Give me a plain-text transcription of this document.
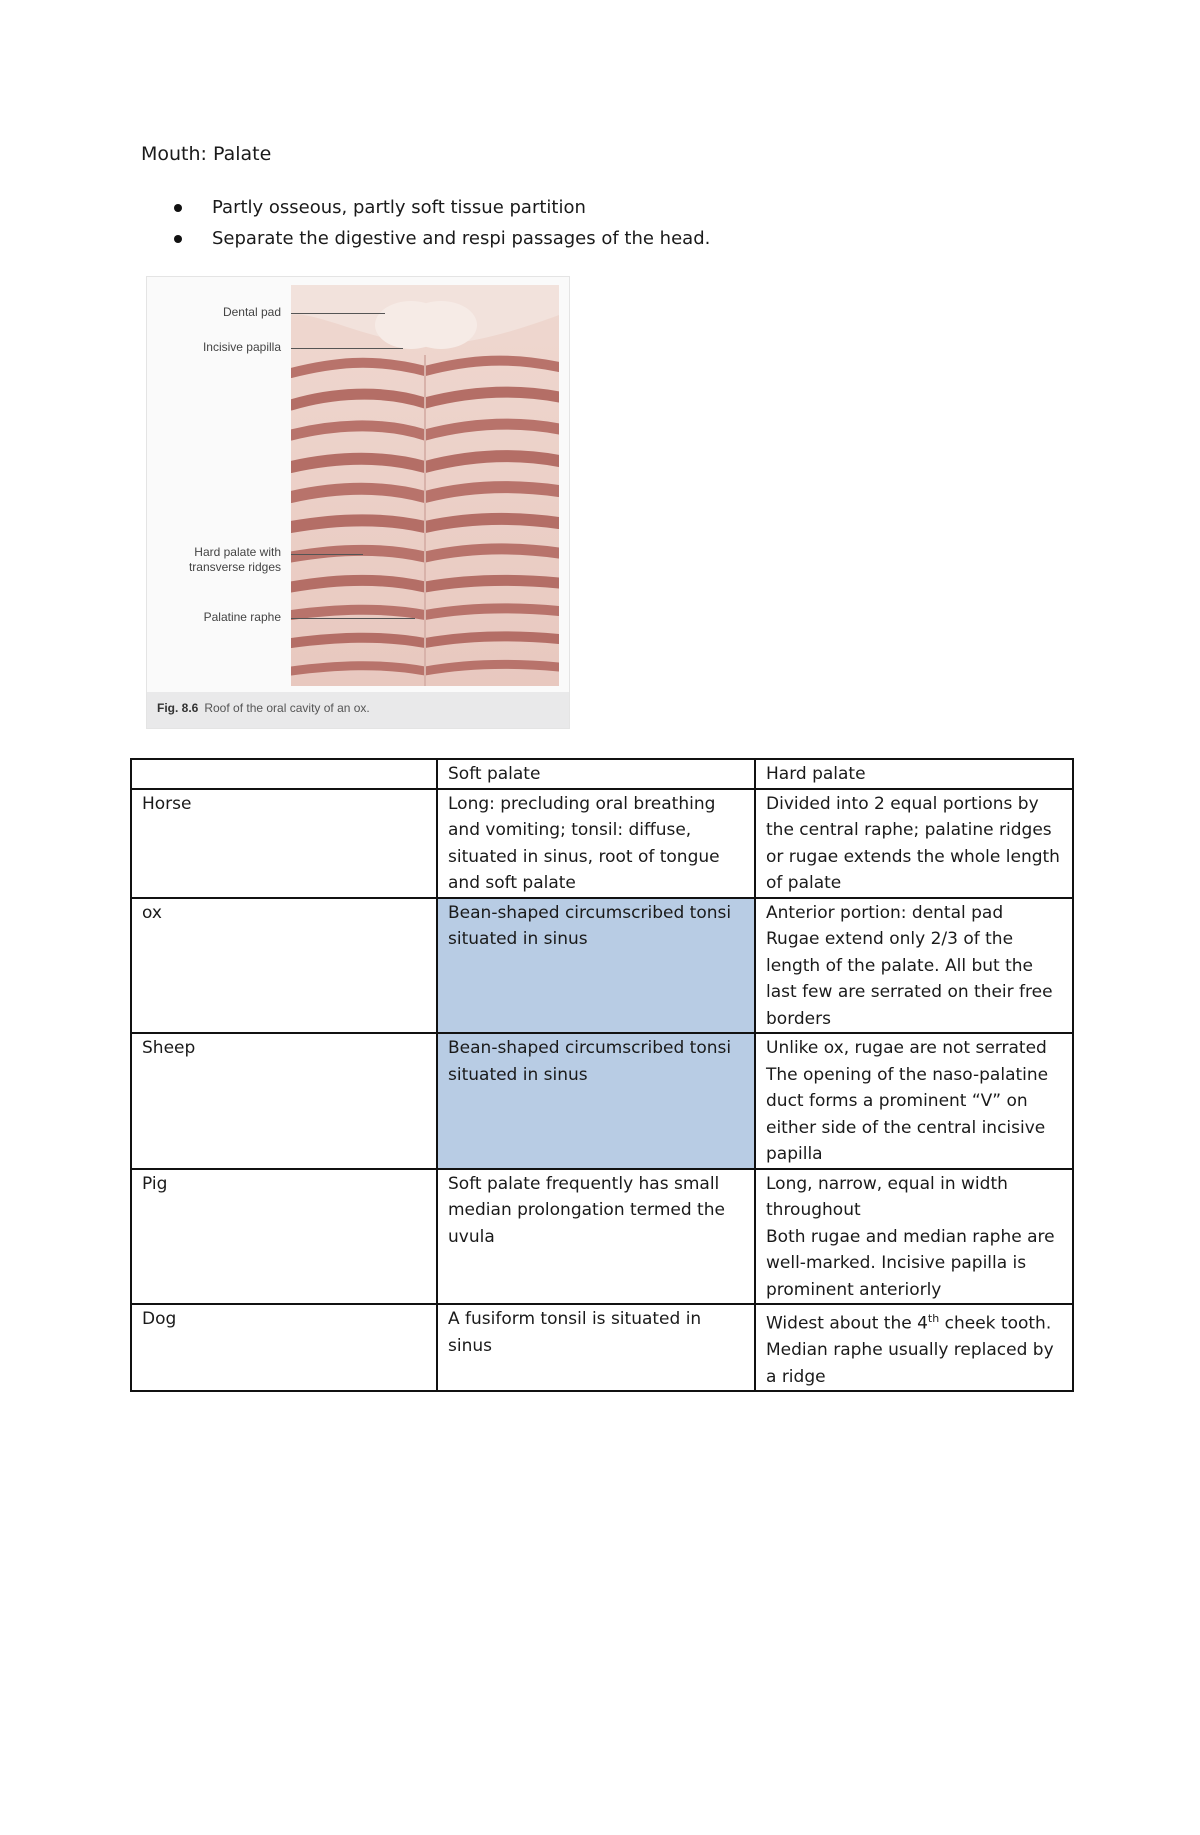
Mouth: Palate
Partly osseous, partly soft tissue partition
Separate the digestive and respi passages of the head.
Dental pad
Incisive papilla
Hard palate with
transverse ridges
Palatine raphe
Fig. 8.6 Roof of the oral cavity of an ox.
	Soft palate	Hard palate
Horse	Long: precluding oral breathing and vomiting; tonsil: diffuse, situated in sinus, root of tongue and soft palate	Divided into 2 equal portions by the central raphe; palatine ridges or rugae extends the whole length of palate
ox	Bean-shaped circumscribed tonsi situated in sinus	Anterior portion: dental pad
Rugae extend only 2/3 of the length of the palate. All but the last few are serrated on their free borders

Sheep	Bean-shaped circumscribed tonsi situated in sinus	Unlike ox, rugae are not serrated
The opening of the naso-palatine duct forms a prominent “V” on either side of the central incisive papilla

Pig	Soft palate frequently has small median prolongation termed the uvula	Long, narrow, equal in width throughout
Both rugae and median raphe are well-marked. Incisive papilla is prominent anteriorly

Dog	A fusiform tonsil is situated in sinus	Widest about the 4th cheek tooth. Median raphe usually replaced by a ridge
